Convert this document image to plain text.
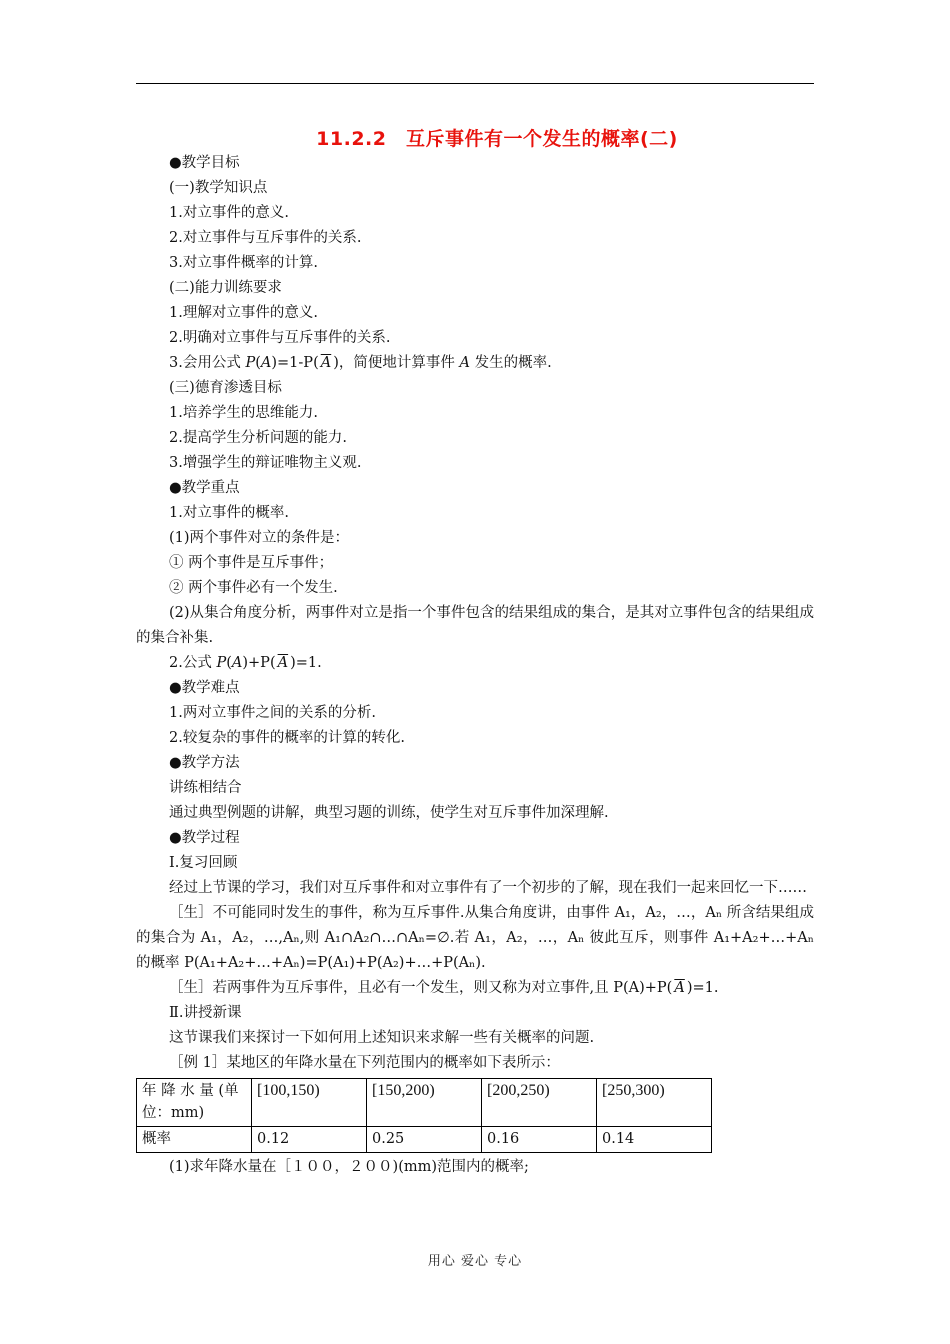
11.2.2　互斥事件有一个发生的概率(二)

●教学目标

(一)教学知识点

1.对立事件的意义.

2.对立事件与互斥事件的关系.

3.对立事件概率的计算.

(二)能力训练要求

1.理解对立事件的意义.

2.明确对立事件与互斥事件的关系.

3.会用公式 P(A)=1-P( $\overline{A}$ )，简便地计算事件 A 发生的概率.

(三)德育渗透目标

1.培养学生的思维能力.

2.提高学生分析问题的能力.

3.增强学生的辩证唯物主义观.

●教学重点

1.对立事件的概率.

(1)两个事件对立的条件是：

① 两个事件是互斥事件；

② 两个事件必有一个发生.

(2)从集合角度分析，两事件对立是指一个事件包含的结果组成的集合，是其对立事件包含的结果组成的集合补集.

2.公式 P(A)+P( $\overline{A}$ )=1.

●教学难点

1.两对立事件之间的关系的分析.

2.较复杂的事件的概率的计算的转化.

●教学方法

讲练相结合

通过典型例题的讲解，典型习题的训练，使学生对互斥事件加深理解.

●教学过程

Ⅰ.复习回顾

经过上节课的学习，我们对互斥事件和对立事件有了一个初步的了解，现在我们一起来回忆一下……

［生］不可能同时发生的事件，称为互斥事件.从集合角度讲，由事件 A₁，A₂，…，Aₙ 所含结果组成的集合为 A₁，A₂，…,Aₙ,则 A₁∩A₂∩…∩Aₙ=∅.若 A₁，A₂，…，Aₙ 彼此互斥，则事件 A₁+A₂+…+Aₙ 的概率 P(A₁+A₂+…+Aₙ)=P(A₁)+P(A₂)+…+P(Aₙ).

［生］若两事件为互斥事件，且必有一个发生，则又称为对立事件,且 P(A)+P( $\overline{A}$ )=1.

Ⅱ.讲授新课

这节课我们来探讨一下如何用上述知识来求解一些有关概率的问题.

［例 1］某地区的年降水量在下列范围内的概率如下表所示：

年 降 水 量 (单位：mm)	[100,150)	[150,200)	[200,250)	[250,300)
概率	0.12	0.25	0.16	0.14

(1)求年降水量在［１００，２００)(mm)范围内的概率;

用心 爱心 专心
